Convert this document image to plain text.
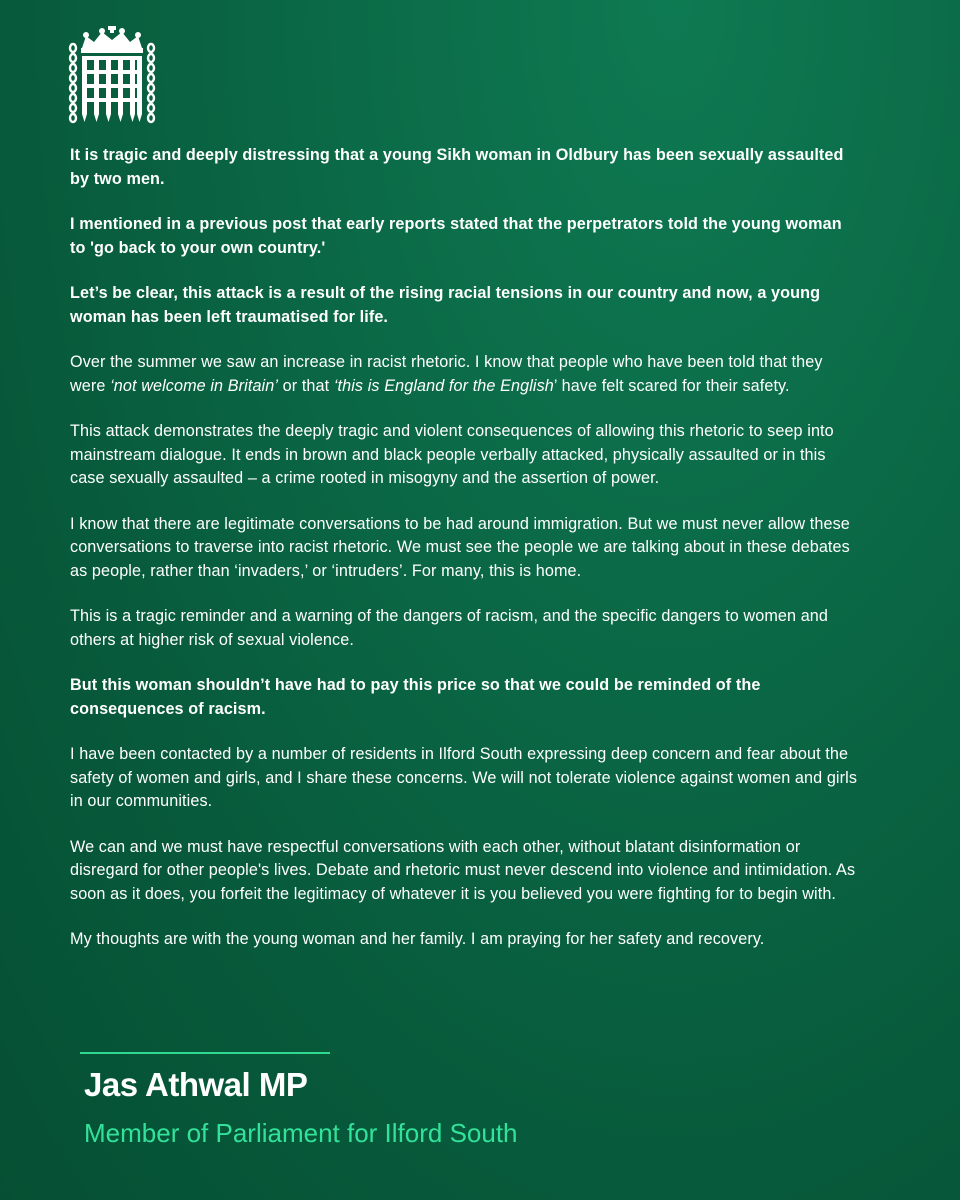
It is tragic and deeply distressing that a young Sikh woman in Oldbury has been sexually assaulted by two men.

I mentioned in a previous post that early reports stated that the perpetrators told the young woman to 'go back to your own country.'

Let’s be clear, this attack is a result of the rising racial tensions in our country and now, a young woman has been left traumatised for life.

Over the summer we saw an increase in racist rhetoric. I know that people who have been told that they were ‘not welcome in Britain’ or that ‘this is England for the English’ have felt scared for their safety.

This attack demonstrates the deeply tragic and violent consequences of allowing this rhetoric to seep into mainstream dialogue. It ends in brown and black people verbally attacked, physically assaulted or in this case sexually assaulted – a crime rooted in misogyny and the assertion of power.

I know that there are legitimate conversations to be had around immigration. But we must never allow these conversations to traverse into racist rhetoric. We must see the people we are talking about in these debates as people, rather than ‘invaders,’ or ‘intruders’. For many, this is home.

This is a tragic reminder and a warning of the dangers of racism, and the specific dangers to women and others at higher risk of sexual violence.

But this woman shouldn’t have had to pay this price so that we could be reminded of the consequences of racism.

I have been contacted by a number of residents in Ilford South expressing deep concern and fear about the safety of women and girls, and I share these concerns. We will not tolerate violence against women and girls in our communities.

We can and we must have respectful conversations with each other, without blatant disinformation or disregard for other people's lives. Debate and rhetoric must never descend into violence and intimidation. As soon as it does, you forfeit the legitimacy of whatever it is you believed you were fighting for to begin with.

My thoughts are with the young woman and her family. I am praying for her safety and recovery.

Jas Athwal MP
Member of Parliament for Ilford South
